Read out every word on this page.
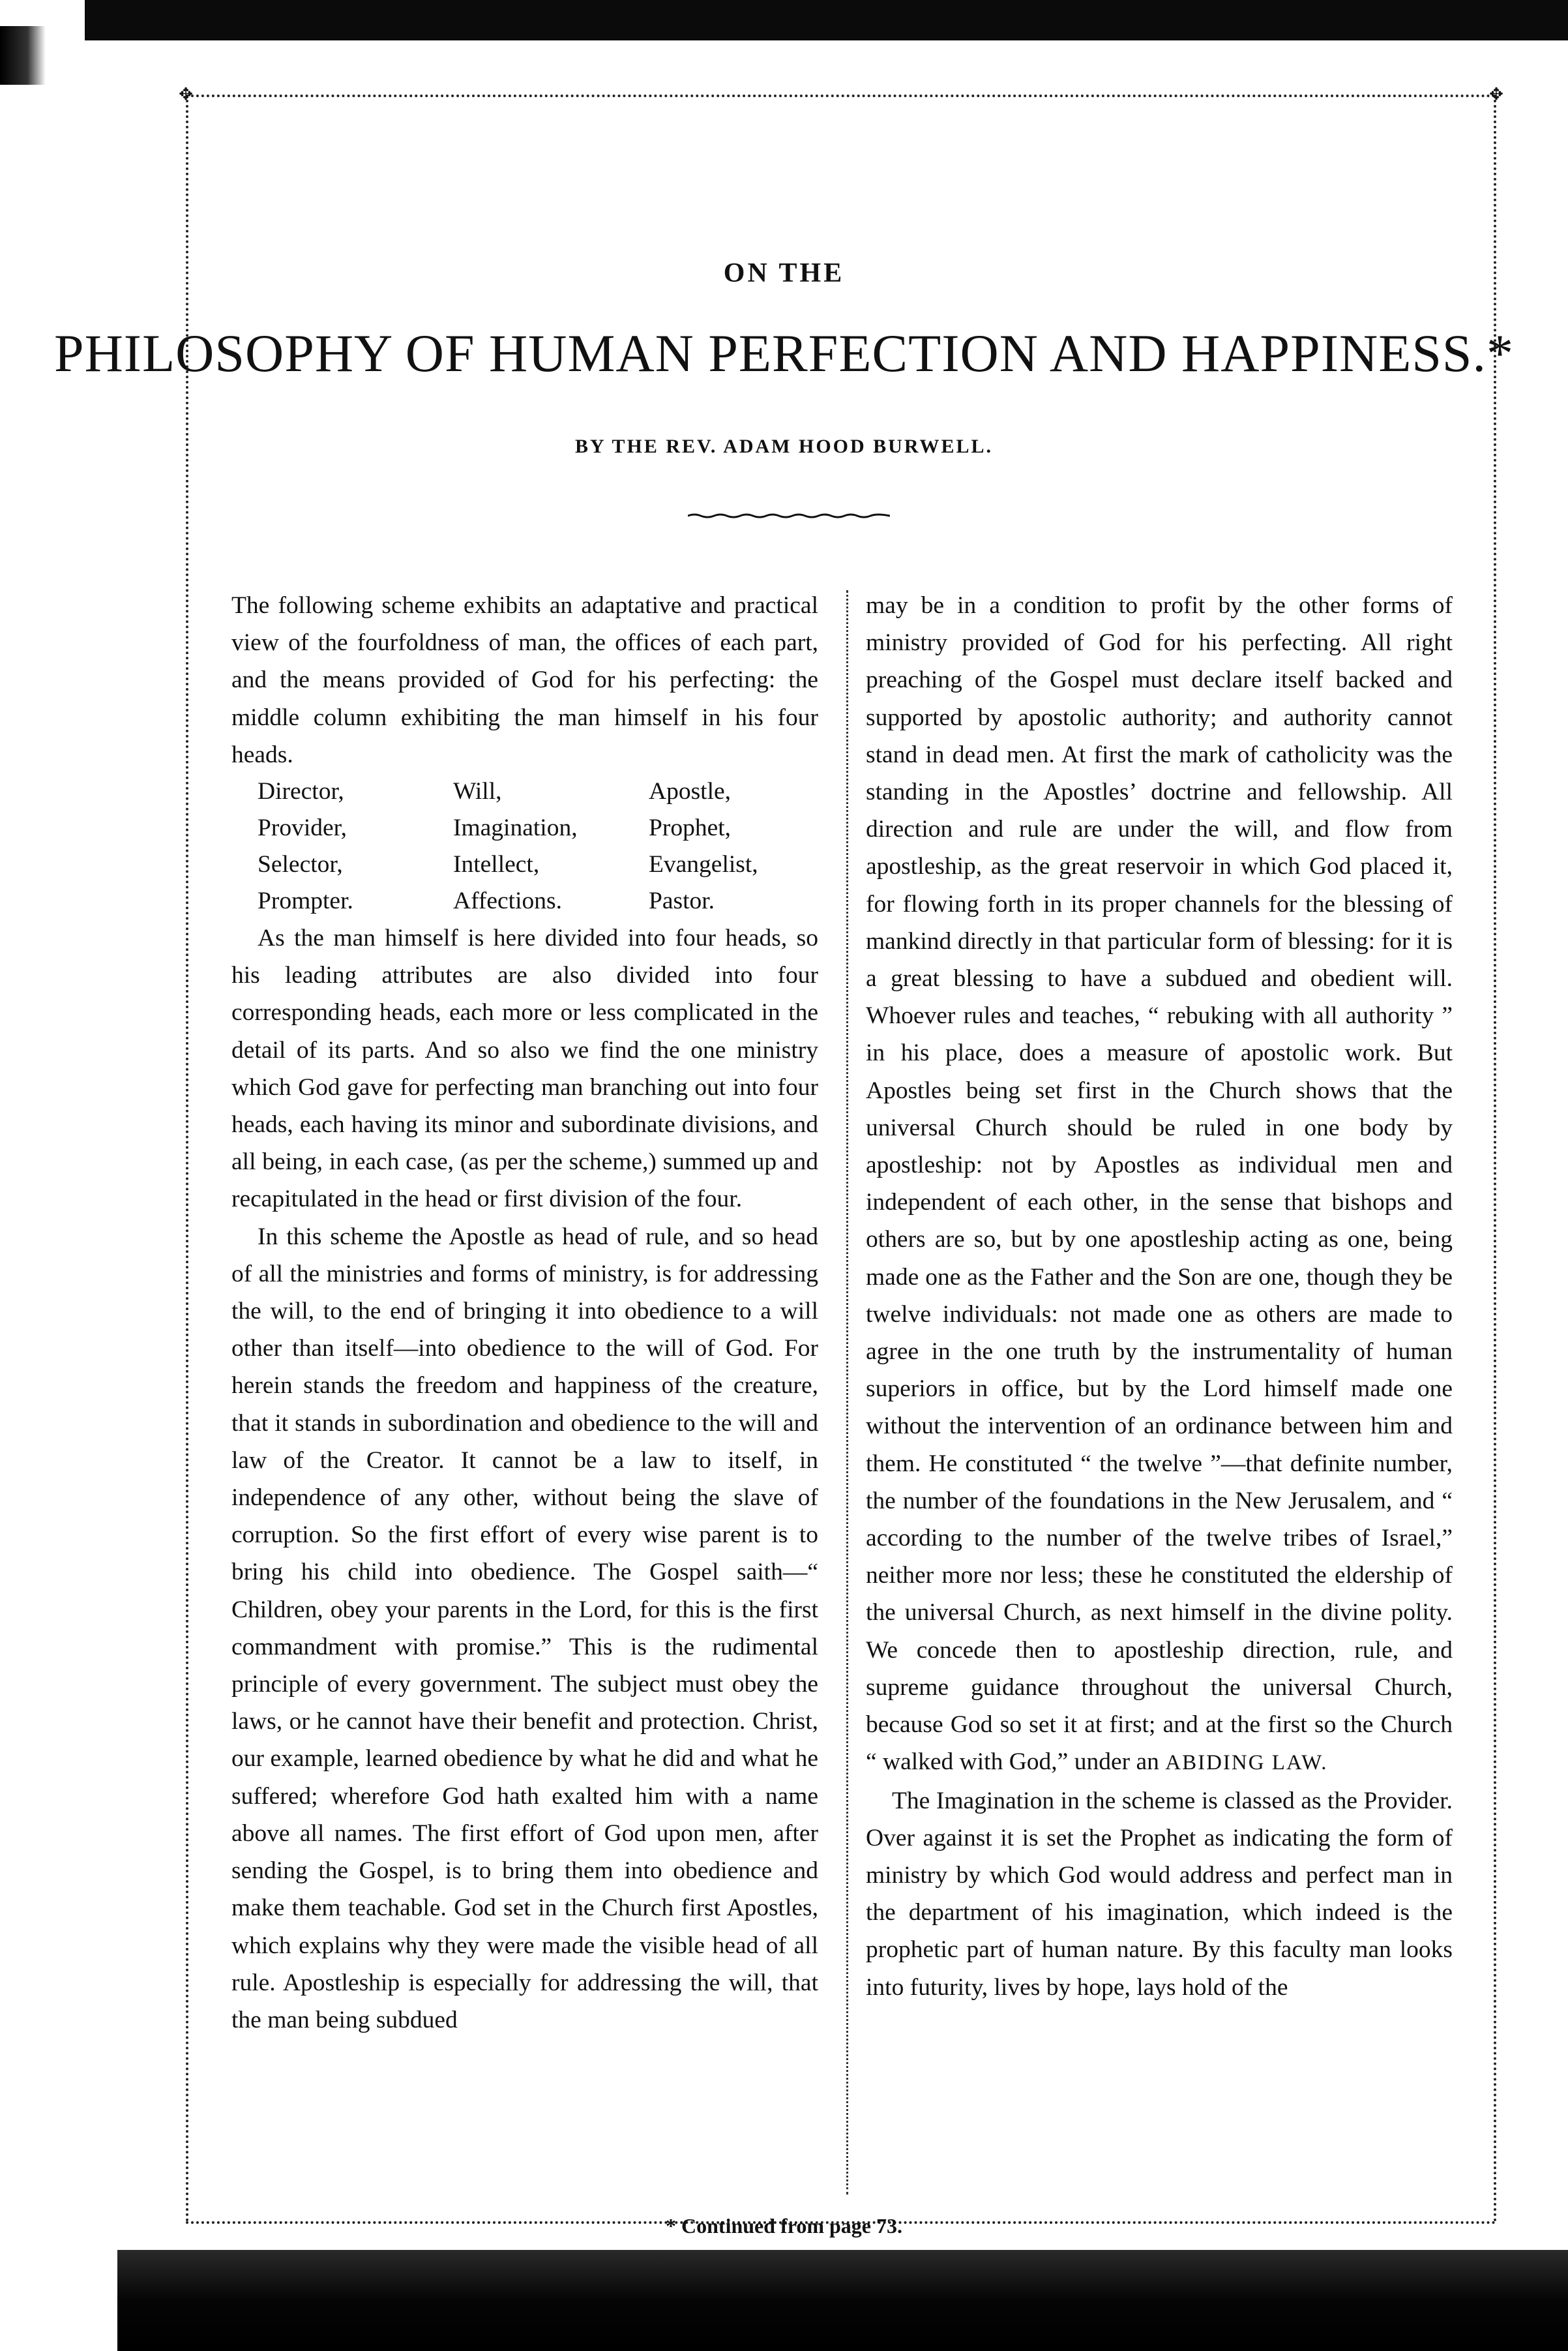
✥	✥
ON THE
PHILOSOPHY OF HUMAN PERFECTION AND HAPPINESS.*
BY THE REV. ADAM HOOD BURWELL.

The following scheme exhibits an adaptative and practical view of the fourfoldness of man, the offices of each part, and the means provided of God for his perfecting: the middle column exhibiting the man himself in his four heads.

Director,	Will,	Apostle,
Provider,	Imagination,	Prophet,
Selector,	Intellect,	Evangelist,
Prompter.	Affections.	Pastor.

As the man himself is here divided into four heads, so his leading attributes are also divided into four corresponding heads, each more or less complicated in the detail of its parts. And so also we find the one ministry which God gave for perfecting man branching out into four heads, each having its minor and subordinate divisions, and all being, in each case, (as per the scheme,) summed up and recapitulated in the head or first division of the four.

In this scheme the Apostle as head of rule, and so head of all the ministries and forms of ministry, is for addressing the will, to the end of bringing it into obedience to a will other than itself—into obedience to the will of God. For herein stands the freedom and happiness of the creature, that it stands in subordination and obedience to the will and law of the Creator. It cannot be a law to itself, in independence of any other, without being the slave of corruption. So the first effort of every wise parent is to bring his child into obedience. The Gospel saith—“ Children, obey your parents in the Lord, for this is the first commandment with promise.” This is the rudimental principle of every government. The subject must obey the laws, or he cannot have their benefit and protection. Christ, our example, learned obedience by what he did and what he suffered; wherefore God hath exalted him with a name above all names. The first effort of God upon men, after sending the Gospel, is to bring them into obedience and make them teachable. God set in the Church first Apostles, which explains why they were made the visible head of all rule. Apostleship is especially for addressing the will, that the man being subdued

may be in a condition to profit by the other forms of ministry provided of God for his perfecting. All right preaching of the Gospel must declare itself backed and supported by apostolic authority; and authority cannot stand in dead men. At first the mark of catholicity was the standing in the Apostles’ doctrine and fellowship. All direction and rule are under the will, and flow from apostleship, as the great reservoir in which God placed it, for flowing forth in its proper channels for the blessing of mankind directly in that particular form of blessing: for it is a great blessing to have a subdued and obedient will. Whoever rules and teaches, “ rebuking with all authority ” in his place, does a measure of apostolic work. But Apostles being set first in the Church shows that the universal Church should be ruled in one body by apostleship: not by Apostles as individual men and independent of each other, in the sense that bishops and others are so, but by one apostleship acting as one, being made one as the Father and the Son are one, though they be twelve individuals: not made one as others are made to agree in the one truth by the instrumentality of human superiors in office, but by the Lord himself made one without the intervention of an ordinance between him and them. He constituted “ the twelve ”—that definite number, the number of the foundations in the New Jerusalem, and “ according to the number of the twelve tribes of Israel,” neither more nor less; these he constituted the eldership of the universal Church, as next himself in the divine polity. We concede then to apostleship direction, rule, and supreme guidance throughout the universal Church, because God so set it at first; and at the first so the Church “ walked with God,” under an ABIDING LAW.

The Imagination in the scheme is classed as the Provider. Over against it is set the Prophet as indicating the form of ministry by which God would address and perfect man in the department of his imagination, which indeed is the prophetic part of human nature. By this faculty man looks into futurity, lives by hope, lays hold of the

* Continued from page 73.
